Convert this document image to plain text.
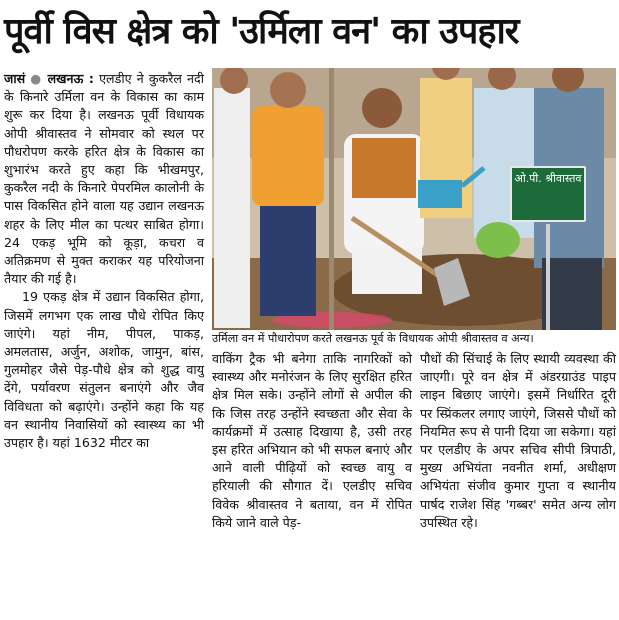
पूर्वी विस क्षेत्र को 'उर्मिला वन' का उपहार

जासं ● लखनऊ : एलडीए ने कुकरैल नदी के किनारे उर्मिला वन के विकास का काम शुरू कर दिया है। लखनऊ पूर्वी विधायक ओपी श्रीवास्तव ने सोमवार को स्थल पर पौधरोपण करके हरित क्षेत्र के विकास का शुभारंभ करते हुए कहा कि भीखमपुर, कुकरैल नदी के किनारे पेपरमिल कालोनी के पास विकसित होने वाला यह उद्यान लखनऊ शहर के लिए मील का पत्थर साबित होगा। 24 एकड़ भूमि को कूड़ा, कचरा व अतिक्रमण से मुक्त कराकर यह परियोजना तैयार की गई है।

19 एकड़ क्षेत्र में उद्यान विकसित होगा, जिसमें लगभग एक लाख पौधे रोपित किए जाएंगे। यहां नीम, पीपल, पाकड़, अमलतास, अर्जुन, अशोक, जामुन, बांस, गुलमोहर जैसे पेड़-पौधे क्षेत्र को शुद्ध वायु देंगे, पर्यावरण संतुलन बनाएंगे और जैव विविधता को बढ़ाएंगे। उन्होंने कहा कि यह वन स्थानीय निवासियों को स्वास्थ्य का भी उपहार है। यहां 1632 मीटर का

ओ.पी. श्रीवास्तव
उर्मिला वन में पौधारोपण करते लखनऊ पूर्व के विधायक ओपी श्रीवास्तव व अन्य।

वाकिंग ट्रैक भी बनेगा ताकि नागरिकों को स्वास्थ्य और मनोरंजन के लिए सुरक्षित हरित क्षेत्र मिल सके। उन्होंने लोगों से अपील की कि जिस तरह उन्होंने स्वच्छता और सेवा के कार्यक्रमों में उत्साह दिखाया है, उसी तरह इस हरित अभियान को भी सफल बनाएं और आने वाली पीढ़ियों को स्वच्छ वायु व हरियाली की सौगात दें। एलडीए सचिव विवेक श्रीवास्तव ने बताया, वन में रोपित किये जाने वाले पेड़-

पौधों की सिंचाई के लिए स्थायी व्यवस्था की जाएगी। पूरे वन क्षेत्र में अंडरग्राउंड पाइप लाइन बिछाए जाएंगे। इसमें निर्धारित दूरी पर स्प्रिंकलर लगाए जाएंगे, जिससे पौधों को नियमित रूप से पानी दिया जा सकेगा। यहां पर एलडीए के अपर सचिव सीपी त्रिपाठी, मुख्य अभियंता नवनीत शर्मा, अधीक्षण अभियंता संजीव कुमार गुप्ता व स्थानीय पार्षद राजेश सिंह 'गब्बर' समेत अन्य लोग उपस्थित रहे।
